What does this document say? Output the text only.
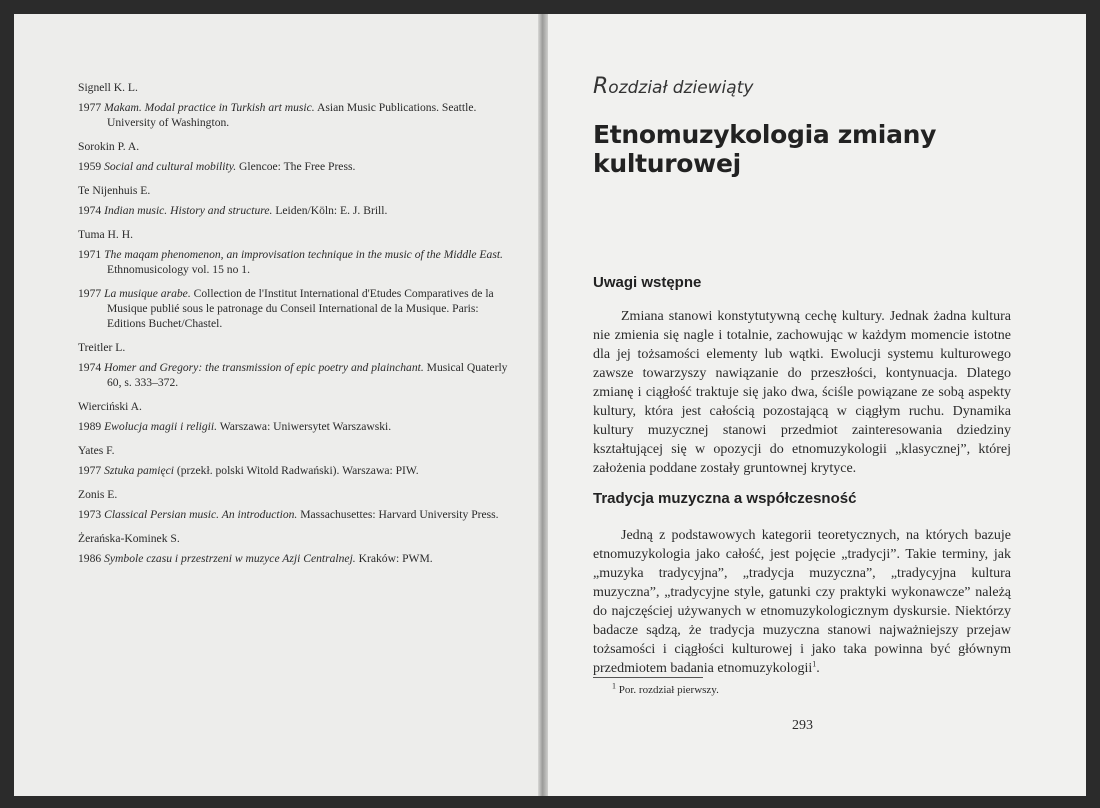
Signell K. L.
1977 Makam. Modal practice in Turkish art music. Asian Music Publications. Seattle. University of Washington.
Sorokin P. A.
1959 Social and cultural mobility. Glencoe: The Free Press.
Te Nijenhuis E.
1974 Indian music. History and structure. Leiden/Köln: E. J. Brill.
Tuma H. H.
1971 The maqam phenomenon, an improvisation technique in the music of the Middle East. Ethnomusicology vol. 15 no 1.
1977 La musique arabe. Collection de l'Institut International d'Etudes Comparatives de la Musique publié sous le patronage du Conseil International de la Musique. Paris: Editions Buchet/Chastel.
Treitler L.
1974 Homer and Gregory: the transmission of epic poetry and plainchant. Musical Quaterly 60, s. 333–372.
Wierciński A.
1989 Ewolucja magii i religii. Warszawa: Uniwersytet Warszawski.
Yates F.
1977 Sztuka pamięci (przekł. polski Witold Radwański). Warszawa: PIW.
Zonis E.
1973 Classical Persian music. An introduction. Massachusettes: Harvard University Press.
Żerańska-Kominek S.
1986 Symbole czasu i przestrzeni w muzyce Azji Centralnej. Kraków: PWM.
Rozdział dziewiąty
Etnomuzykologia zmiany kulturowej
Uwagi wstępne

Zmiana stanowi konstytutywną cechę kultury. Jednak żadna kultura nie zmienia się nagle i totalnie, zachowując w każdym momencie istotne dla jej tożsamości elementy lub wątki. Ewolucji systemu kulturowego zawsze towarzyszy nawiązanie do przeszłości, kontynuacja. Dlatego zmianę i ciągłość traktuje się jako dwa, ściśle powiązane ze sobą aspekty kultury, która jest całością pozostającą w ciągłym ruchu. Dynamika kultury muzycznej stanowi przedmiot zainteresowania dziedziny kształtującej się w opozycji do etnomuzykologii „klasycznej”, której założenia poddane zostały gruntownej krytyce.

Tradycja muzyczna a współczesność

Jedną z podstawowych kategorii teoretycznych, na których bazuje etnomuzykologia jako całość, jest pojęcie „tradycji”. Takie terminy, jak „muzyka tradycyjna”, „tradycja muzyczna”, „tradycyjna kultura muzyczna”, „tradycyjne style, gatunki czy praktyki wykonawcze” należą do najczęściej używanych w etnomuzykologicznym dyskursie. Niektórzy badacze sądzą, że tradycja muzyczna stanowi najważniejszy przejaw tożsamości i ciągłości kulturowej i jako taka powinna być głównym przedmiotem badania etnomuzykologii$^1$.

$^1$ Por. rozdział pierwszy.
293
